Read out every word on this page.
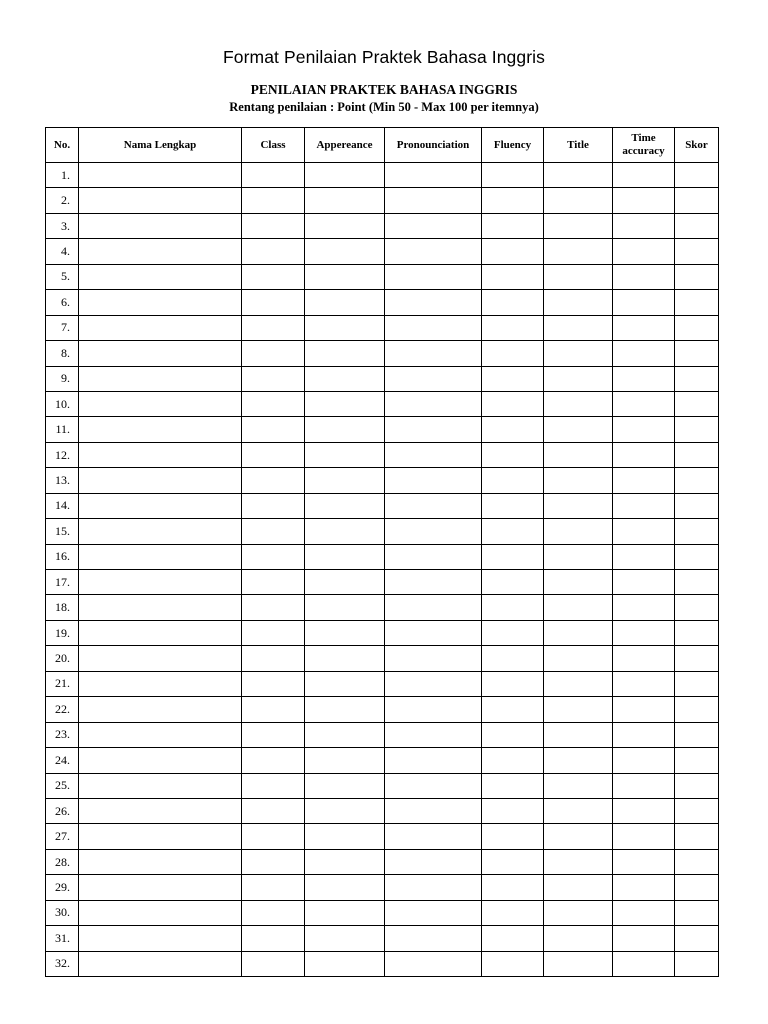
Format Penilaian Praktek Bahasa Inggris
PENILAIAN PRAKTEK BAHASA INGGRIS
Rentang penilaian : Point (Min 50 - Max 100 per itemnya)
No.	Nama Lengkap	Class	Appereance	Pronounciation	Fluency	Title	Time accuracy	Skor
1.								
2.								
3.								
4.								
5.								
6.								
7.								
8.								
9.								
10.								
11.								
12.								
13.								
14.								
15.								
16.								
17.								
18.								
19.								
20.								
21.								
22.								
23.								
24.								
25.								
26.								
27.								
28.								
29.								
30.								
31.								
32.								
